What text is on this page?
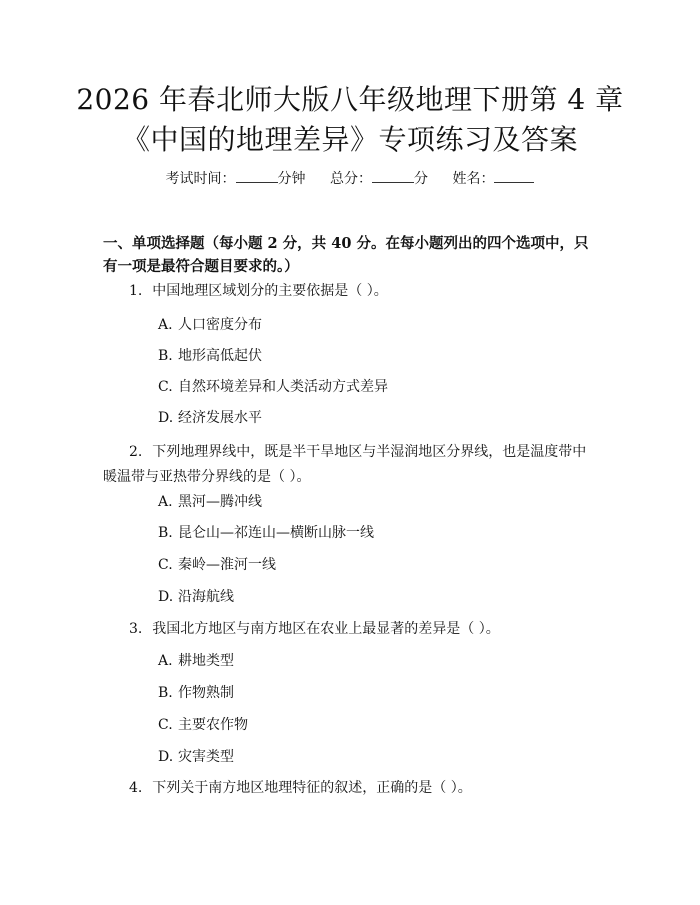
2026 年春北师大版八年级地理下册第 4 章
《中国的地理差异》专项练习及答案
考试时间：	分钟 总分：	分 姓名：
一、单项选择题（每小题 2 分，共 40 分。在每小题列出的四个选项中，只有一项是最符合题目要求的。）
1. 中国地理区域划分的主要依据是（ ）。
A. 人口密度分布
B. 地形高低起伏
C. 自然环境差异和人类活动方式差异
D. 经济发展水平
2. 下列地理界线中，既是半干旱地区与半湿润地区分界线，也是温度带中暖温带与亚热带分界线的是（ ）。
A. 黑河—腾冲线
B. 昆仑山—祁连山—横断山脉一线
C. 秦岭—淮河一线
D. 沿海航线
3. 我国北方地区与南方地区在农业上最显著的差异是（ ）。
A. 耕地类型
B. 作物熟制
C. 主要农作物
D. 灾害类型
4. 下列关于南方地区地理特征的叙述，正确的是（ ）。
